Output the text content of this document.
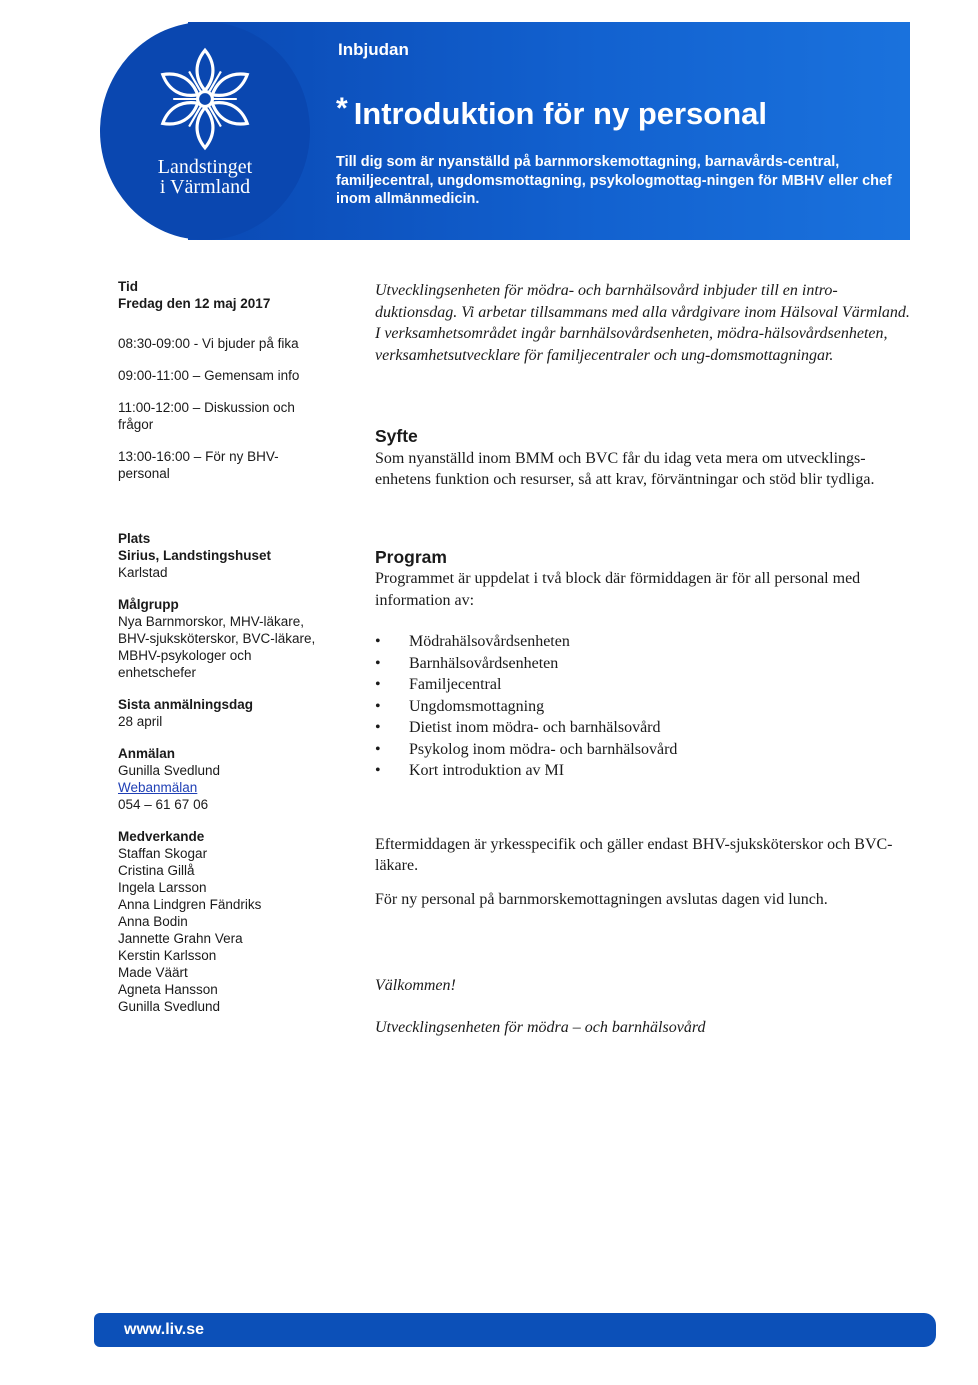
Landstinget
i Värmland
Inbjudan
* Introduktion för ny personal
Till dig som är nyanställd på barnmorskemottagning, barnavårds-central, familjecentral, ungdomsmottagning, psykologmottag-ningen för MBHV eller chef inom allmänmedicin.

Tid

Fredag den 12 maj 2017

08:30-09:00 - Vi bjuder på fika

09:00-11:00 – Gemensam info

11:00-12:00 – Diskussion och frågor

13:00-16:00 – För ny BHV-personal

Plats

Sirius, Landstingshuset

Karlstad

Målgrupp

Nya Barnmorskor, MHV-läkare, BHV-sjuksköterskor, BVC-läkare, MBHV-psykologer och enhetschefer

Sista anmälningsdag

28 april

Anmälan

Gunilla Svedlund

Webanmälan

054 – 61 67 06

Medverkande

Staffan Skogar

Cristina Gillå

Ingela Larsson

Anna Lindgren Fändriks

Anna Bodin

Jannette Grahn Vera

Kerstin Karlsson

Made Väärt

Agneta Hansson

Gunilla Svedlund

Utvecklingsenheten för mödra- och barnhälsovård inbjuder till en intro-duktionsdag. Vi arbetar tillsammans med alla vårdgivare inom Hälsoval Värmland. I verksamhetsområdet ingår barnhälsovårdsenheten, mödra-hälsovårdsenheten, verksamhetsutvecklare för familjecentraler och ung-domsmottagningar.

Syfte

Som nyanställd inom BMM och BVC får du idag veta mera om utvecklings-enhetens funktion och resurser, så att krav, förväntningar och stöd blir tydliga.

Program

Programmet är uppdelat i två block där förmiddagen är för all personal med information av:

• Mödrahälsovårdsenheten
• Barnhälsovårdsenheten
• Familjecentral
• Ungdomsmottagning
• Dietist inom mödra- och barnhälsovård
• Psykolog inom mödra- och barnhälsovård
• Kort introduktion av MI

Eftermiddagen är yrkesspecifik och gäller endast BHV-sjuksköterskor och BVC-läkare.

För ny personal på barnmorskemottagningen avslutas dagen vid lunch.

Välkommen!

Utvecklingsenheten för mödra – och barnhälsovård

www.liv.se
